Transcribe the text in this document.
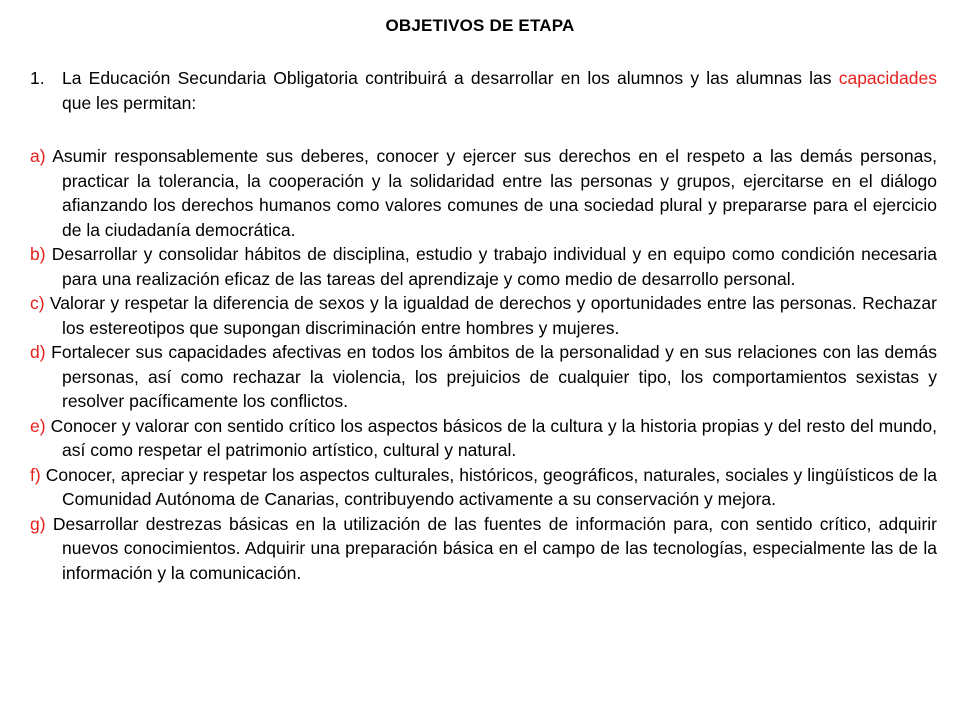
OBJETIVOS DE ETAPA
1. La Educación Secundaria Obligatoria contribuirá a desarrollar en los alumnos y las alumnas las capacidades que les permitan:

a) Asumir responsablemente sus deberes, conocer y ejercer sus derechos en el respeto a las demás personas, practicar la tolerancia, la cooperación y la solidaridad entre las personas y grupos, ejercitarse en el diálogo afianzando los derechos humanos como valores comunes de una sociedad plural y prepararse para el ejercicio de la ciudadanía democrática.

b) Desarrollar y consolidar hábitos de disciplina, estudio y trabajo individual y en equipo como condición necesaria para una realización eficaz de las tareas del aprendizaje y como medio de desarrollo personal.

c) Valorar y respetar la diferencia de sexos y la igualdad de derechos y oportunidades entre las personas. Rechazar los estereotipos que supongan discriminación entre hombres y mujeres.

d) Fortalecer sus capacidades afectivas en todos los ámbitos de la personalidad y en sus relaciones con las demás personas, así como rechazar la violencia, los prejuicios de cualquier tipo, los comportamientos sexistas y resolver pacíficamente los conflictos.

e) Conocer y valorar con sentido crítico los aspectos básicos de la cultura y la historia propias y del resto del mundo, así como respetar el patrimonio artístico, cultural y natural.

f) Conocer, apreciar y respetar los aspectos culturales, históricos, geográficos, naturales, sociales y lingüísticos de la Comunidad Autónoma de Canarias, contribuyendo activamente a su conservación y mejora.

g) Desarrollar destrezas básicas en la utilización de las fuentes de información para, con sentido crítico, adquirir nuevos conocimientos. Adquirir una preparación básica en el campo de las tecnologías, especialmente las de la información y la comunicación.
